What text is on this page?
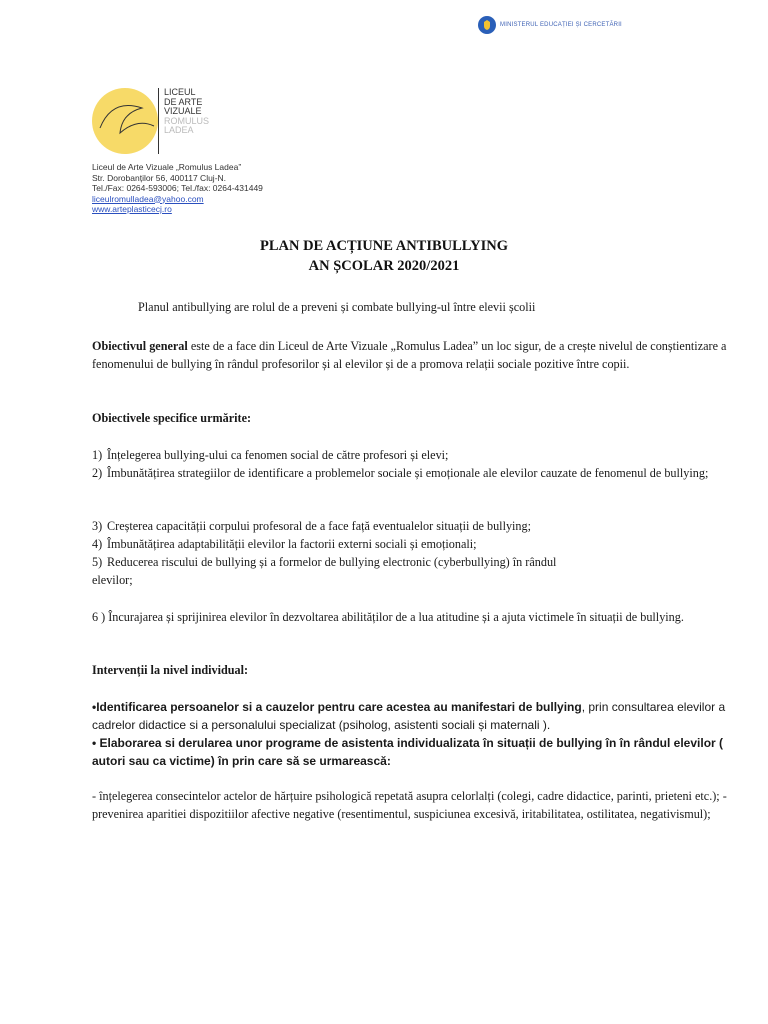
MINISTERUL EDUCAȚIEI ȘI CERCETĂRII
LICEUL
DE ARTE
VIZUALE
ROMULUS
LADEA
Liceul de Arte Vizuale „Romulus Ladea”
Str. Dorobanților 56, 400117 Cluj-N.
Tel./Fax: 0264-593006; Tel./fax: 0264-431449
liceulromulladea@yahoo.com
www.arteplasticecj.ro
PLAN DE ACȚIUNE ANTIBULLYING
AN ȘCOLAR 2020/2021
Planul antibullying are rolul de a preveni și combate bullying-ul între elevii școlii
Obiectivul general este de a face din Liceul de Arte Vizuale „Romulus Ladea” un loc sigur, de a crește nivelul de conștientizare a fenomenului de bullying în rândul profesorilor și al elevilor și de a promova relații sociale pozitive între copii.
Obiectivele specifice urmărite:
1) Înțelegerea bullying-ului ca fenomen social de către profesori și elevi;
2) Îmbunătățirea strategiilor de identificare a problemelor sociale și emoționale ale elevilor cauzate de fenomenul de bullying;
3) Creșterea capacității corpului profesoral de a face față eventualelor situații de bullying;
4) Îmbunătățirea adaptabilității elevilor la factorii externi sociali și emoționali;
5) Reducerea riscului de bullying și a formelor de bullying electronic (cyberbullying) în rândul
elevilor;
6 ) Încurajarea și sprijinirea elevilor în dezvoltarea abilităților de a lua atitudine și a ajuta victimele în situații de bullying.
Intervenții la nivel individual:
•Identificarea persoanelor si a cauzelor pentru care acestea au manifestari de bullying, prin consultarea elevilor a cadrelor didactice si a personalului specializat (psiholog, asistenti sociali și maternali ).
• Elaborarea si derularea unor programe de asistenta individualizata în situații de bullying în în rândul elevilor ( autori sau ca victime) în prin care să se urmarească:
- înțelegerea consecintelor actelor de hărțuire psihologică repetată asupra celorlalți (colegi, cadre didactice, parinti, prieteni etc.); - prevenirea aparitiei dispozitiilor afective negative (resentimentul, suspiciunea excesivă, iritabilitatea, ostilitatea, negativismul);
